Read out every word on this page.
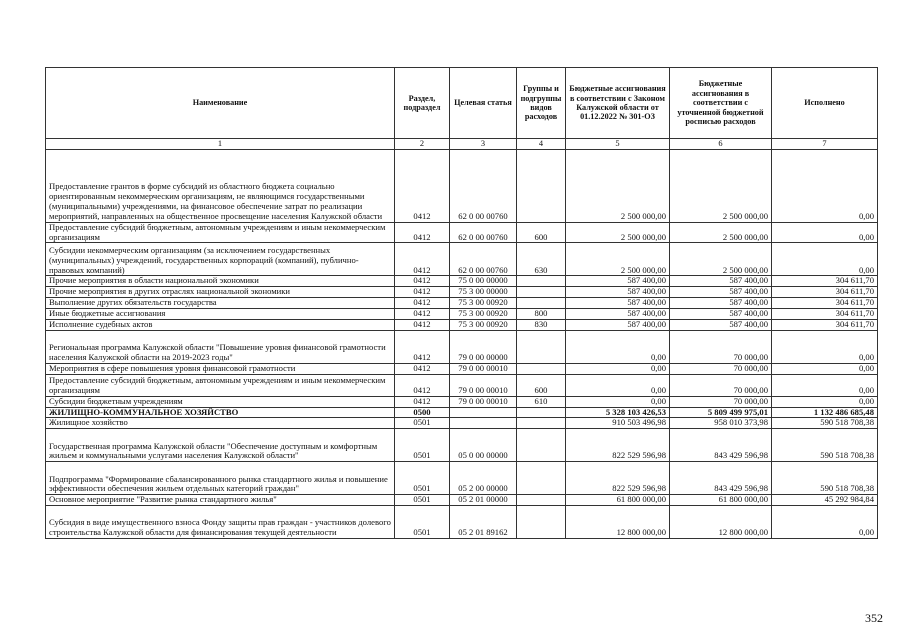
Наименование	Раздел, подраздел	Целевая статья	Группы и подгруппы видов расходов	Бюджетные ассигнования в соответствии с Законом Калужской области от 01.12.2022 № 301-ОЗ	Бюджетные ассигнования в соответствии с уточненной бюджетной росписью расходов	Исполнено
1	2	3	4	5	6	7
Предоставление грантов в форме субсидий из областного бюджета социально ориентированным некоммерческим организациям, не являющимся государственными (муниципальными) учреждениями, на финансовое обеспечение затрат по реализации мероприятий, направленных на общественное просвещение населения Калужской области	0412	62 0 00 00760		2 500 000,00	2 500 000,00	0,00
Предоставление субсидий бюджетным, автономным учреждениям и иным некоммерческим организациям	0412	62 0 00 00760	600	2 500 000,00	2 500 000,00	0,00
Субсидии некоммерческим организациям (за исключением государственных (муниципальных) учреждений, государственных корпораций (компаний), публично-правовых компаний)	0412	62 0 00 00760	630	2 500 000,00	2 500 000,00	0,00
Прочие мероприятия в области национальной экономики	0412	75 0 00 00000		587 400,00	587 400,00	304 611,70
Прочие мероприятия в других отраслях национальной экономики	0412	75 3 00 00000		587 400,00	587 400,00	304 611,70
Выполнение других обязательств государства	0412	75 3 00 00920		587 400,00	587 400,00	304 611,70
Иные бюджетные ассигнования	0412	75 3 00 00920	800	587 400,00	587 400,00	304 611,70
Исполнение судебных актов	0412	75 3 00 00920	830	587 400,00	587 400,00	304 611,70
Региональная программа Калужской области "Повышение уровня финансовой грамотности населения Калужской области на 2019-2023 годы"	0412	79 0 00 00000		0,00	70 000,00	0,00
Мероприятия в сфере повышения уровня финансовой грамотности	0412	79 0 00 00010		0,00	70 000,00	0,00
Предоставление субсидий бюджетным, автономным учреждениям и иным некоммерческим организациям	0412	79 0 00 00010	600	0,00	70 000,00	0,00
Субсидии бюджетным учреждениям	0412	79 0 00 00010	610	0,00	70 000,00	0,00
ЖИЛИЩНО-КОММУНАЛЬНОЕ ХОЗЯЙСТВО	0500			5 328 103 426,53	5 809 499 975,01	1 132 486 685,48
Жилищное хозяйство	0501			910 503 496,98	958 010 373,98	590 518 708,38
Государственная программа Калужской области "Обеспечение доступным и комфортным жильем и коммунальными услугами населения Калужской области"	0501	05 0 00 00000		822 529 596,98	843 429 596,98	590 518 708,38
Подпрограмма "Формирование сбалансированного рынка стандартного жилья и повышение эффективности обеспечения жильем отдельных категорий граждан"	0501	05 2 00 00000		822 529 596,98	843 429 596,98	590 518 708,38
Основное мероприятие "Развитие рынка стандартного жилья"	0501	05 2 01 00000		61 800 000,00	61 800 000,00	45 292 984,84
Субсидия в виде имущественного взноса Фонду защиты прав граждан - участников долевого строительства Калужской области для финансирования текущей деятельности	0501	05 2 01 89162		12 800 000,00	12 800 000,00	0,00
352
